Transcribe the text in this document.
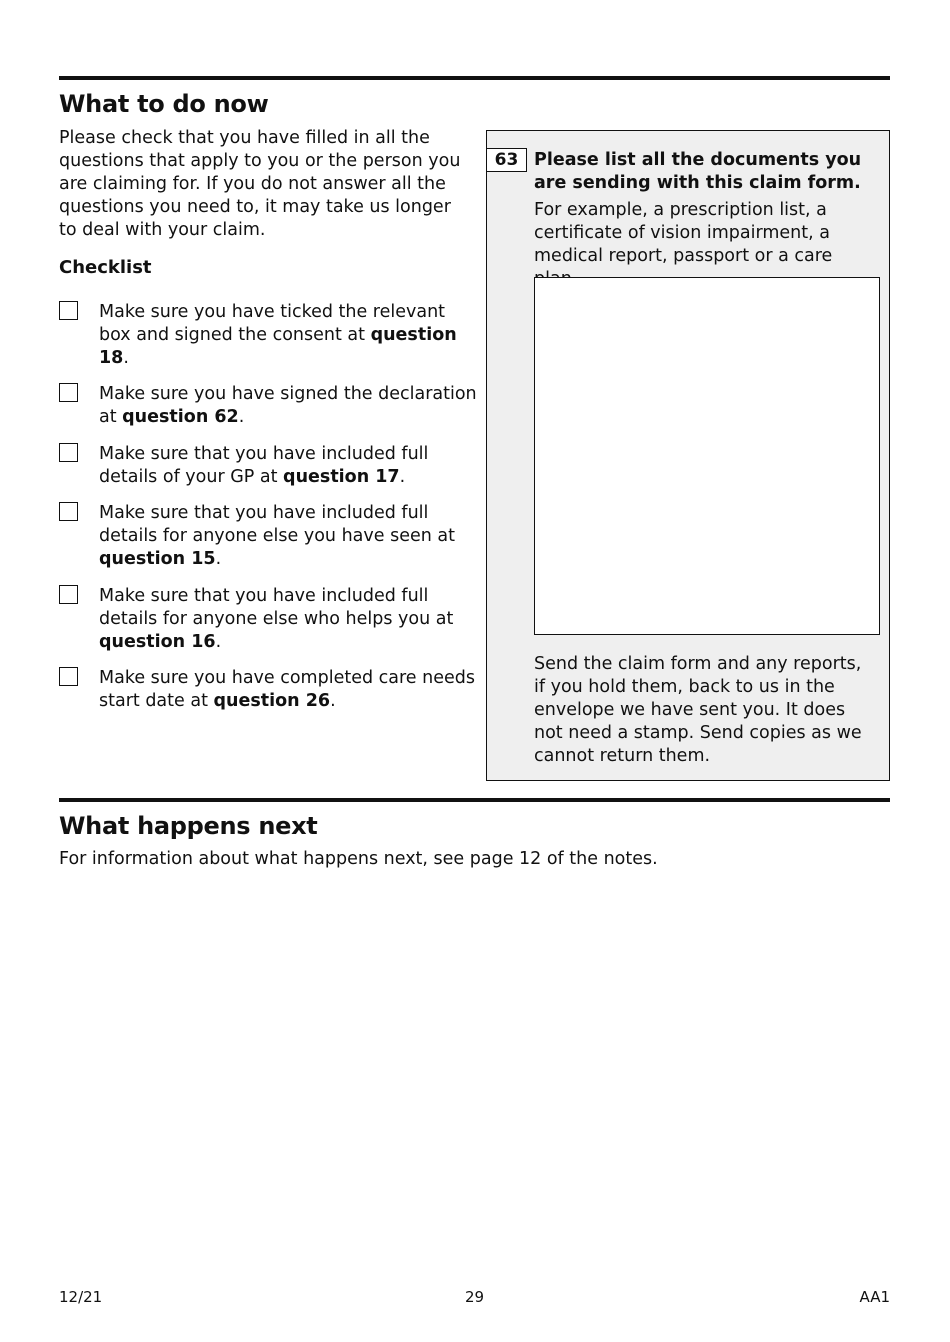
What to do now

Please check that you have filled in all the questions that apply to you or the person you are claiming for. If you do not answer all the questions you need to, it may take us longer to deal with your claim.

Checklist

Make sure you have ticked the relevant box and signed the consent at question 18.
Make sure you have signed the declaration at question 62.
Make sure that you have included full details of your GP at question 17.
Make sure that you have included full details for anyone else you have seen at question 15.
Make sure that you have included full details for anyone else who helps you at question 16.
Make sure you have completed care needs start date at question 26.
63 Please list all the documents you are sending with this claim form.

For example, a prescription list, a certificate of vision impairment, a medical report, passport or a care

Send the claim form and any reports, if you hold them, back to us in the envelope we have sent you. It does not need a stamp. Send copies as we cannot return them.

What happens next

For information about what happens next, see page 12 of the notes.

12/21	29	AA1
